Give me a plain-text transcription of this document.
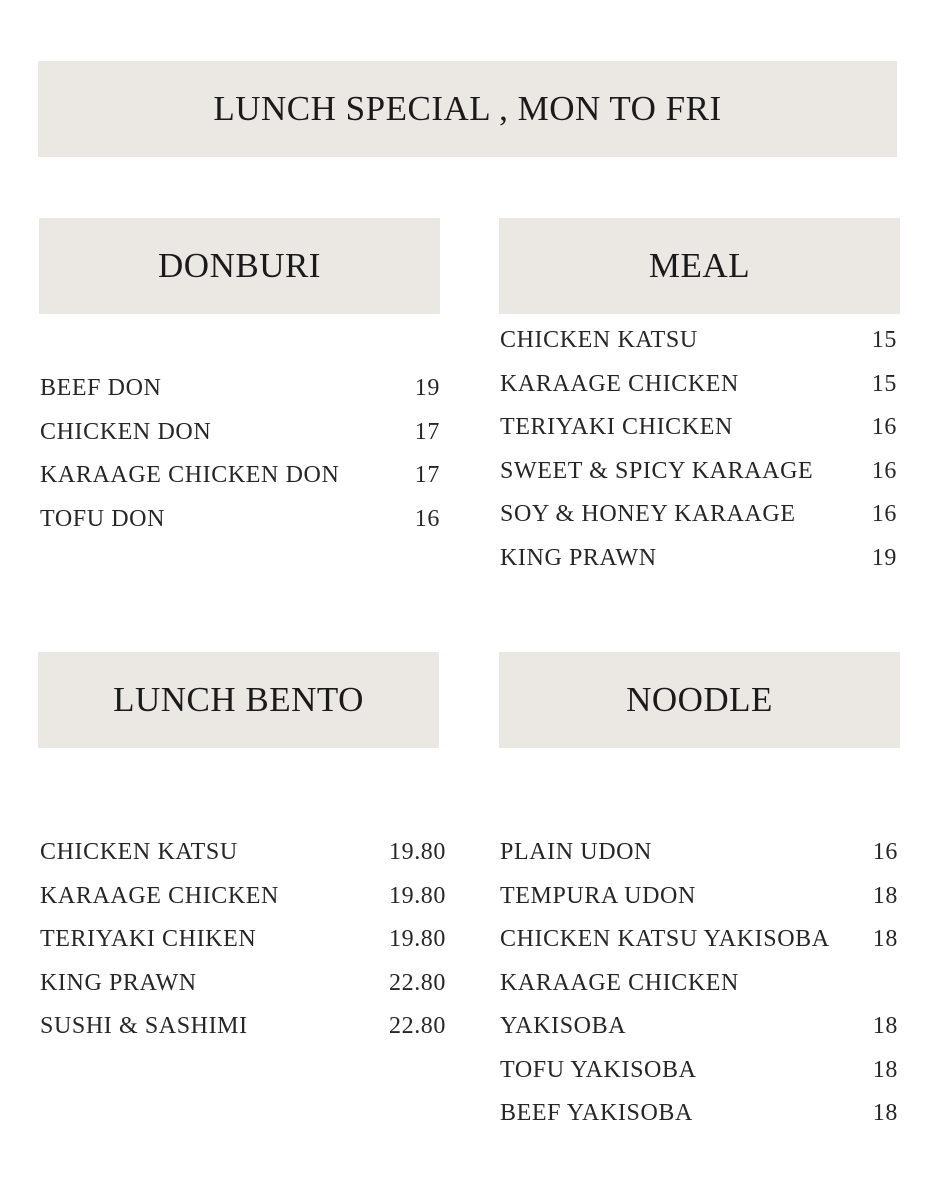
LUNCH SPECIAL , MON TO FRI
DONBURI
BEEF DON	19
CHICKEN DON	17
KARAAGE CHICKEN DON	17
TOFU DON	16
MEAL
CHICKEN KATSU	15
KARAAGE CHICKEN	15
TERIYAKI CHICKEN	16
SWEET & SPICY KARAAGE 16
SOY & HONEY KARAAGE	16
KING PRAWN	19
LUNCH BENTO
CHICKEN KATSU	19.80
KARAAGE CHICKEN	19.80
TERIYAKI CHIKEN	19.80
KING PRAWN	22.80
SUSHI & SASHIMI	22.80
NOODLE
PLAIN UDON	16
TEMPURA UDON	18
CHICKEN KATSU YAKISOBA 18
KARAAGE CHICKEN
YAKISOBA	18
TOFU YAKISOBA	18
BEEF YAKISOBA	18
